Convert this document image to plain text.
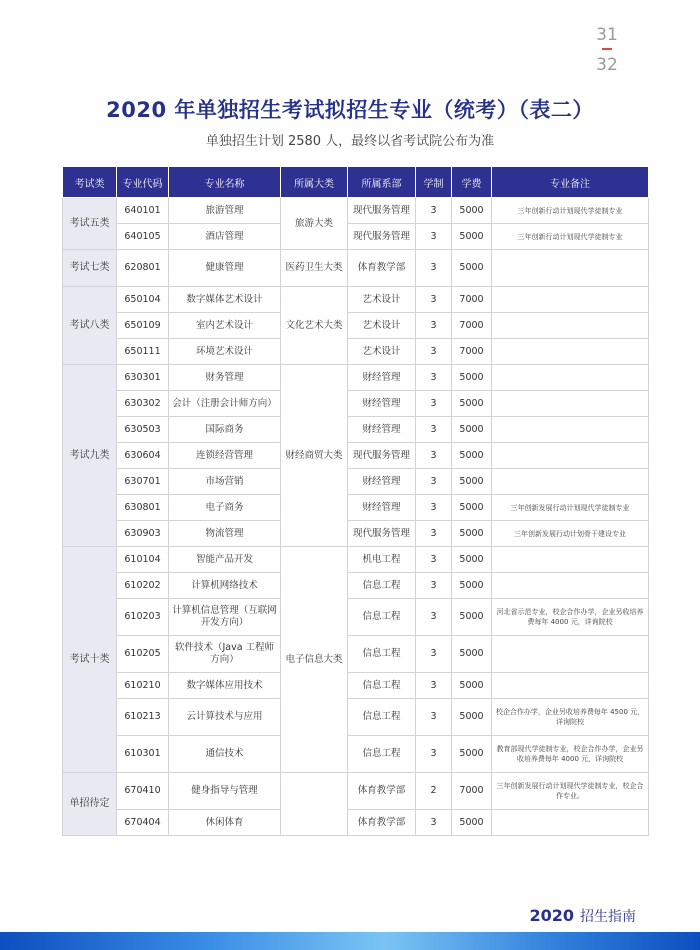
31
32
2020 年单独招生考试拟招生专业（统考）（表二）
单独招生计划 2580 人，最终以省考试院公布为准
考试类	专业代码	专业名称	所属大类	所属系部	学制	学费	专业备注
考试五类	640101	旅游管理	旅游大类	现代服务管理	3	5000	三年创新行动计划现代学徒制专业
	640105	酒店管理		现代服务管理	3	5000	三年创新行动计划现代学徒制专业
考试七类	620801	健康管理	医药卫生大类	体育教学部	3	5000	
考试八类	650104	数字媒体艺术设计	文化艺术大类	艺术设计	3	7000	
	650109	室内艺术设计		艺术设计	3	7000	
	650111	环境艺术设计		艺术设计	3	7000	
考试九类	630301	财务管理	财经商贸大类	财经管理	3	5000	
	630302	会计（注册会计师方向）		财经管理	3	5000	
	630503	国际商务		财经管理	3	5000	
	630604	连锁经营管理		现代服务管理	3	5000	
	630701	市场营销		财经管理	3	5000	
	630801	电子商务		财经管理	3	5000	三年创新发展行动计划现代学徒制专业
	630903	物流管理		现代服务管理	3	5000	三年创新发展行动计划骨干建设专业
考试十类	610104	智能产品开发	电子信息大类	机电工程	3	5000	
	610202	计算机网络技术		信息工程	3	5000	
	610203	计算机信息管理（互联网开发方向）		信息工程	3	5000	河北省示范专业，校企合作办学，企业另收培养费每年 4000 元，详询院校
	610205	软件技术（Java 工程师方向）		信息工程	3	5000	
	610210	数字媒体应用技术		信息工程	3	5000	
	610213	云计算技术与应用		信息工程	3	5000	校企合作办学，企业另收培养费每年 4500 元，详询院校
	610301	通信技术		信息工程	3	5000	教育部现代学徒制专业，校企合作办学，企业另收培养费每年 4000 元，详询院校
单招待定	670410	健身指导与管理		体育教学部	2	7000	三年创新发展行动计划现代学徒制专业，校企合作专业。
	670404	休闲体育		体育教学部	3	5000	
2020 招生指南
